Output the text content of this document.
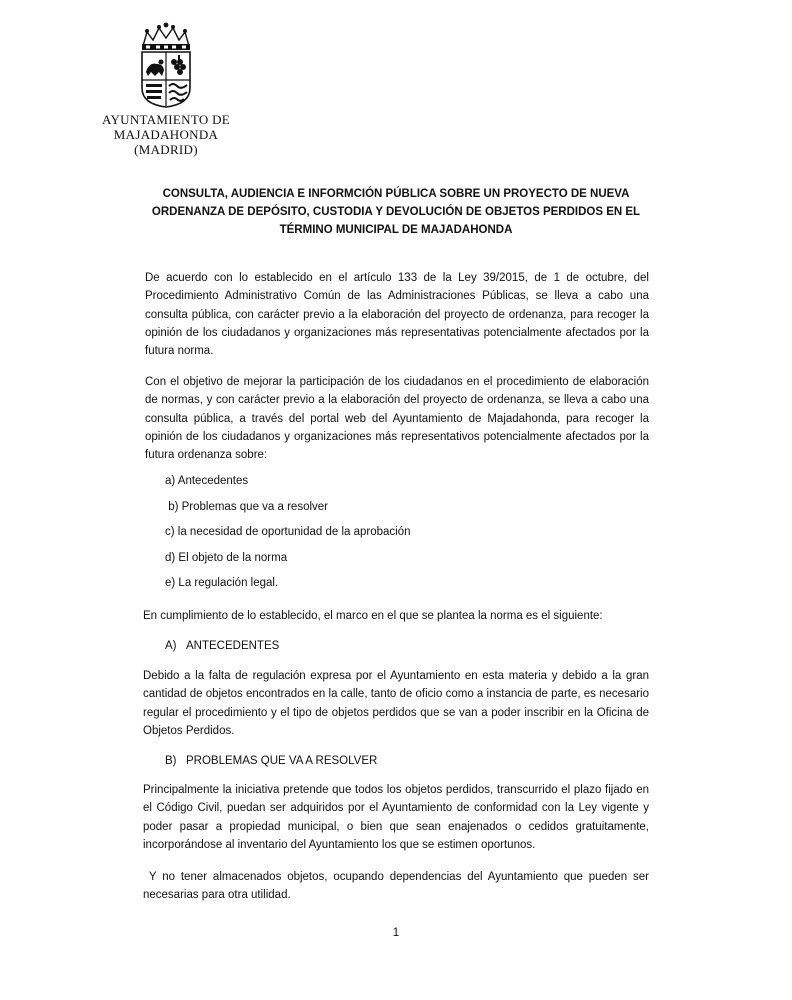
AYUNTAMIENTO DE
MAJADAHONDA
(MADRID)
CONSULTA, AUDIENCIA E INFORMCIÓN PÚBLICA SOBRE UN PROYECTO DE NUEVA
ORDENANZA DE DEPÓSITO, CUSTODIA Y DEVOLUCIÓN DE OBJETOS PERDIDOS EN EL
TÉRMINO MUNICIPAL DE MAJADAHONDA
De acuerdo con lo establecido en el artículo 133 de la Ley 39/2015, de 1 de octubre, del Procedimiento Administrativo Común de las Administraciones Públicas, se lleva a cabo una consulta pública, con carácter previo a la elaboración del proyecto de ordenanza, para recoger la opinión de los ciudadanos y organizaciones más representativas potencialmente afectados por la futura norma.
Con el objetivo de mejorar la participación de los ciudadanos en el procedimiento de elaboración de normas, y con carácter previo a la elaboración del proyecto de ordenanza, se lleva a cabo una consulta pública, a través del portal web del Ayuntamiento de Majadahonda, para recoger la opinión de los ciudadanos y organizaciones más representativos potencialmente afectados por la futura ordenanza sobre:
a) Antecedentes
b) Problemas que va a resolver
c) la necesidad de oportunidad de la aprobación
d) El objeto de la norma
e) La regulación legal.
En cumplimiento de lo establecido, el marco en el que se plantea la norma es el siguiente:
A) ANTECEDENTES
Debido a la falta de regulación expresa por el Ayuntamiento en esta materia y debido a la gran cantidad de objetos encontrados en la calle, tanto de oficio como a instancia de parte, es necesario regular el procedimiento y el tipo de objetos perdidos que se van a poder inscribir en la Oficina de Objetos Perdidos.
B) PROBLEMAS QUE VA A RESOLVER
Principalmente la iniciativa pretende que todos los objetos perdidos, transcurrido el plazo fijado en el Código Civil, puedan ser adquiridos por el Ayuntamiento de conformidad con la Ley vigente y poder pasar a propiedad municipal, o bien que sean enajenados o cedidos gratuitamente, incorporándose al inventario del Ayuntamiento los que se estimen oportunos.
Y no tener almacenados objetos, ocupando dependencias del Ayuntamiento que pueden ser necesarias para otra utilidad.
1
